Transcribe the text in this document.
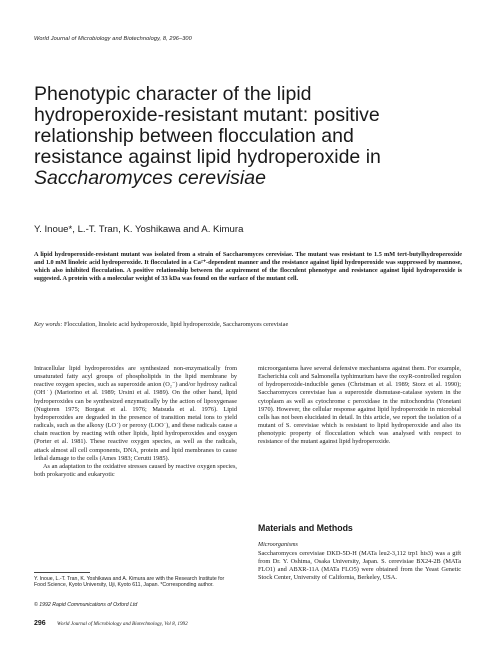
World Journal of Microbiology and Biotechnology, 8, 296–300
Phenotypic character of the lipid
hydroperoxide-resistant mutant: positive
relationship between flocculation and
resistance against lipid hydroperoxide in
Saccharomyces cerevisiae
Y. Inoue*, L.-T. Tran, K. Yoshikawa and A. Kimura

A lipid hydroperoxide-resistant mutant was isolated from a strain of Saccharomyces cerevisiae. The mutant was resistant to 1.5 mM tert-butylhydroperoxide and 1.0 mM linoleic acid hydroperoxide. It flocculated in a Ca²⁺-dependent manner and the resistance against lipid hydroperoxide was suppressed by mannose, which also inhibited flocculation. A positive relationship between the acquirement of the flocculent phenotype and resistance against lipid hydroperoxide is suggested. A protein with a molecular weight of 33 kDa was found on the surface of the mutant cell.

Key words: Flocculation, linoleic acid hydroperoxide, lipid hydroperoxide, Saccharomyces cerevisiae

Intracellular lipid hydroperoxides are synthesized non-enzymatically from unsaturated fatty acyl groups of phospholipids in the lipid membrane by reactive oxygen species, such as superoxide anion (O₂⁻) and/or hydroxy radical (OH˙) (Mariorino et al. 1989; Ursini et al. 1989). On the other hand, lipid hydroperoxides can be synthesized enzymatically by the action of lipoxygenase (Nugteren 1975; Borgeat et al. 1976; Matsuda et al. 1976). Lipid hydroperoxides are degraded in the presence of transition metal ions to yield radicals, such as the alkoxy (LO˙) or peroxy (LOO˙), and these radicals cause a chain reaction by reacting with other lipids, lipid hydroperoxides and oxygen (Porter et al. 1981). These reactive oxygen species, as well as the radicals, attack almost all cell components, DNA, protein and lipid membranes to cause lethal damage to the cells (Ames 1983; Cerutti 1985).

As an adaptation to the oxidative stresses caused by reactive oxygen species, both prokaryotic and eukaryotic

microorganisms have several defensive mechanisms against them. For example, Escherichia coli and Salmonella typhimurium have the oxyR-controlled regulon of hydroperoxide-inducible genes (Christman et al. 1989; Storz et al. 1990); Saccharomyces cerevisiae has a superoxide dismutase-catalase system in the cytoplasm as well as cytochrome c peroxidase in the mitochondria (Yonetani 1970). However, the cellular response against lipid hydroperoxide in microbial cells has not been elucidated in detail. In this article, we report the isolation of a mutant of S. cerevisiae which is resistant to lipid hydroperoxide and also its phenotypic property of flocculation which was analysed with respect to resistance of the mutant against lipid hydroperoxide.

Materials and Methods
Microorganisms

Saccharomyces cerevisiae DKD-5D-H (MATa leu2-3,112 trp1 his3) was a gift from Dr. Y. Oshima, Osaka University, Japan. S. cerevisiae BX24-2B (MATa FLO1) and ABXR-11A (MATa FLO5) were obtained from the Yeast Genetic Stock Center, University of California, Berkeley, USA.

Y. Inoue, L.-T. Tran, K. Yoshikawa and A. Kimura are with the Research Institute for Food Science, Kyoto University, Uji, Kyoto 611, Japan. *Corresponding author.

© 1992 Rapid Communications of Oxford Ltd
296 World Journal of Microbiology and Biotechnology, Vol 8, 1992
